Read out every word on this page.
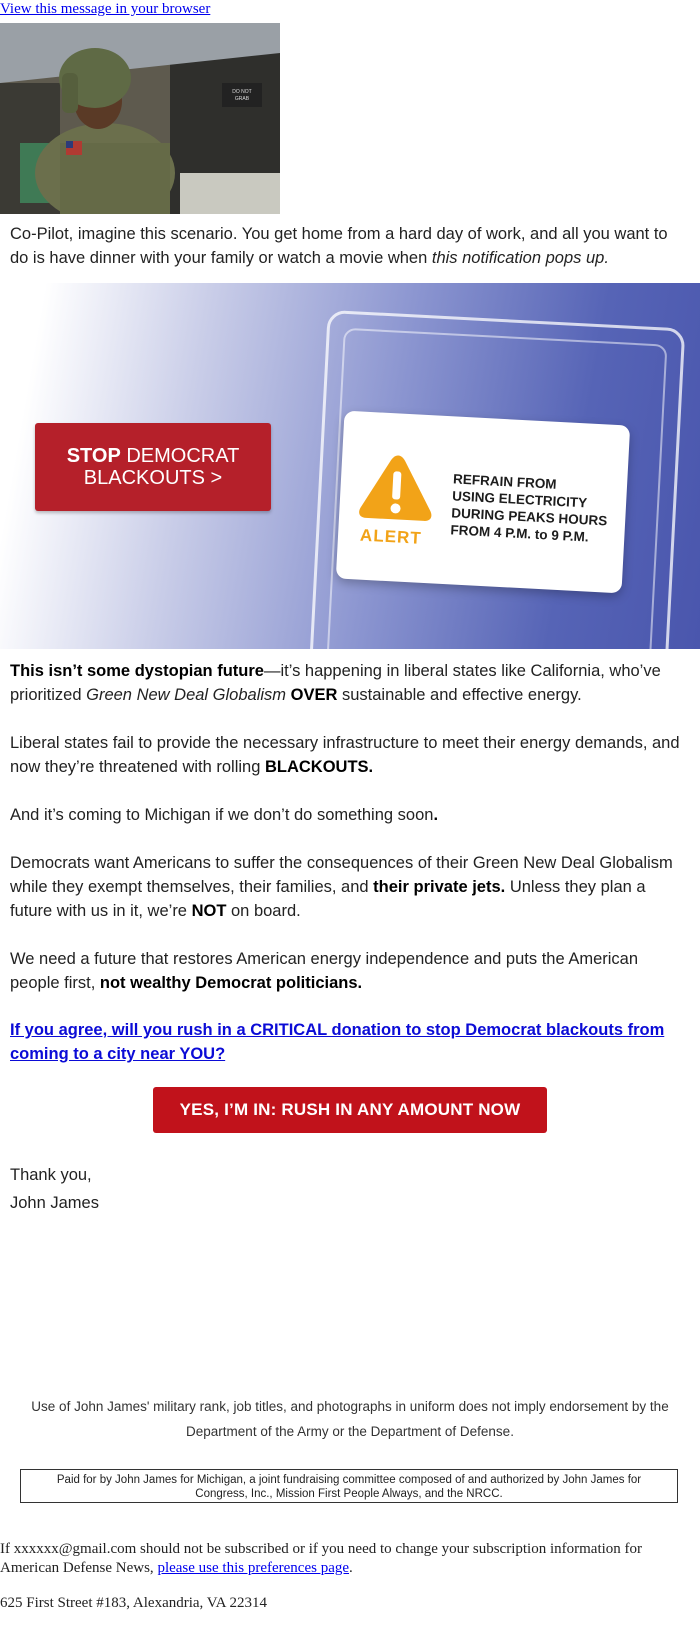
View this message in your browser
DO NOT
GRAB
Co-Pilot, imagine this scenario. You get home from a hard day of work, and all you want to do is have dinner with your family or watch a movie when this notification pops up.
STOP DEMOCRAT
BLACKOUTS >
ALERT
REFRAIN FROM
USING ELECTRICITY
DURING PEAKS HOURS
FROM 4 P.M. to 9 P.M.
This isn’t some dystopian future—it’s happening in liberal states like California, who’ve prioritized Green New Deal Globalism OVER sustainable and effective energy.
Liberal states fail to provide the necessary infrastructure to meet their energy demands, and now they’re threatened with rolling BLACKOUTS.
And it’s coming to Michigan if we don’t do something soon.
Democrats want Americans to suffer the consequences of their Green New Deal Globalism while they exempt themselves, their families, and their private jets. Unless they plan a future with us in it, we’re NOT on board.
We need a future that restores American energy independence and puts the American people first, not wealthy Democrat politicians.
If you agree, will you rush in a CRITICAL donation to stop Democrat blackouts from coming to a city near YOU?
YES, I’M IN: RUSH IN ANY AMOUNT NOW
Thank you,
John James
Use of John James' military rank, job titles, and photographs in uniform does not imply endorsement by the Department of the Army or the Department of Defense.
Paid for by John James for Michigan, a joint fundraising committee composed of and authorized by John James for Congress, Inc., Mission First People Always, and the NRCC.
If xxxxxx@gmail.com should not be subscribed or if you need to change your subscription information for American Defense News, please use this preferences page.
625 First Street #183, Alexandria, VA 22314
